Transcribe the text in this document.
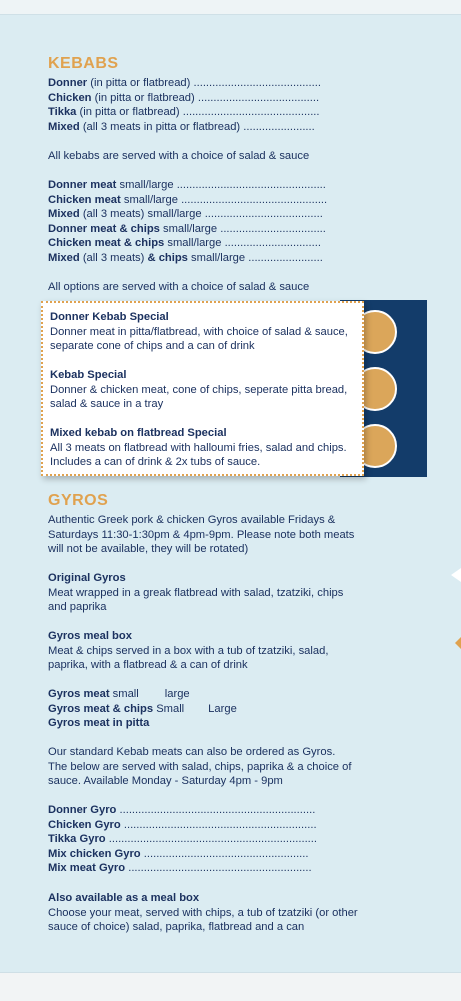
Donner Kebab Special
Donner meat in pitta/flatbread, with choice of salad & sauce, separate cone of chips and a can of drink
Kebab Special
Donner & chicken meat, cone of chips, seperate pitta bread, salad & sauce in a tray
Mixed kebab on flatbread Special
All 3 meats on flatbread with halloumi fries, salad and chips. Includes a can of drink & 2x tubs of sauce.
KEBABS
Donner (in pitta or flatbread) .........................................
Chicken (in pitta or flatbread) .......................................
Tikka (in pitta or flatbread) ............................................
Mixed (all 3 meats in pitta or flatbread) .......................
All kebabs are served with a choice of salad & sauce
Donner meat small/large ................................................
Chicken meat small/large ...............................................
Mixed (all 3 meats) small/large ......................................
Donner meat & chips small/large ..................................
Chicken meat & chips small/large ...............................
Mixed (all 3 meats) & chips small/large ........................
All options are served with a choice of salad & sauce
GYROS
Authentic Greek pork & chicken Gyros available Fridays & Saturdays 11:30-1:30pm & 4pm-9pm. Please note both meats will not be available, they will be rotated)
Original Gyros
Meat wrapped in a greak flatbread with salad, tzatziki, chips and paprika
Gyros meal box
Meat & chips served in a box with a tub of tzatziki, salad, paprika, with a flatbread & a can of drink
Gyros meat small large
Gyros meat & chips Small Large
Gyros meat in pitta
Our standard Kebab meats can also be ordered as Gyros. The below are served with salad, chips, paprika & a choice of sauce. Available Monday - Saturday 4pm - 9pm
Donner Gyro ...............................................................
Chicken Gyro ..............................................................
Tikka Gyro ...................................................................
Mix chicken Gyro .....................................................
Mix meat Gyro ...........................................................
Also available as a meal box
Choose your meat, served with chips, a tub of tzatziki (or other sauce of choice) salad, paprika, flatbread and a can
